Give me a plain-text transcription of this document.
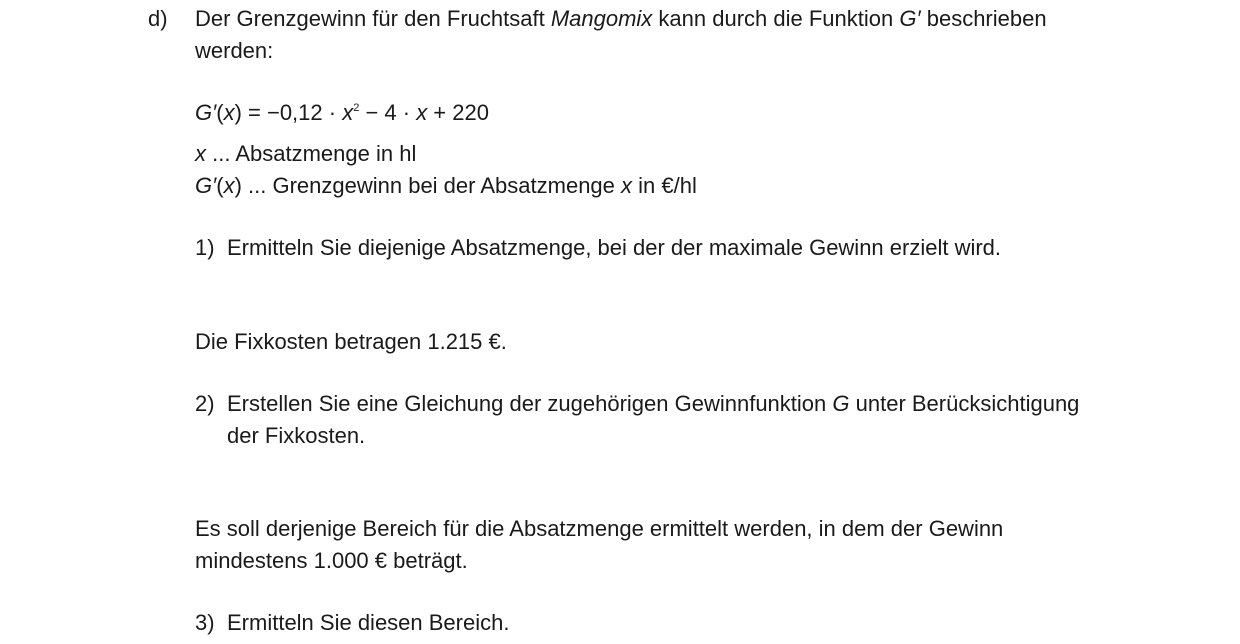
d) Der Grenzgewinn für den Fruchtsaft Mangomix kann durch die Funktion G′ beschrieben
werden:
$G'(x) = -0,12 \cdot x^2 - 4 \cdot x + 220$
x ... Absatzmenge in hl
G′(x) ... Grenzgewinn bei der Absatzmenge x in €/hl
1) Ermitteln Sie diejenige Absatzmenge, bei der der maximale Gewinn erzielt wird.
Die Fixkosten betragen 1.215 €.
2) Erstellen Sie eine Gleichung der zugehörigen Gewinnfunktion G unter Berücksichtigung
der Fixkosten.
Es soll derjenige Bereich für die Absatzmenge ermittelt werden, in dem der Gewinn
mindestens 1.000 € beträgt.
3) Ermitteln Sie diesen Bereich.
